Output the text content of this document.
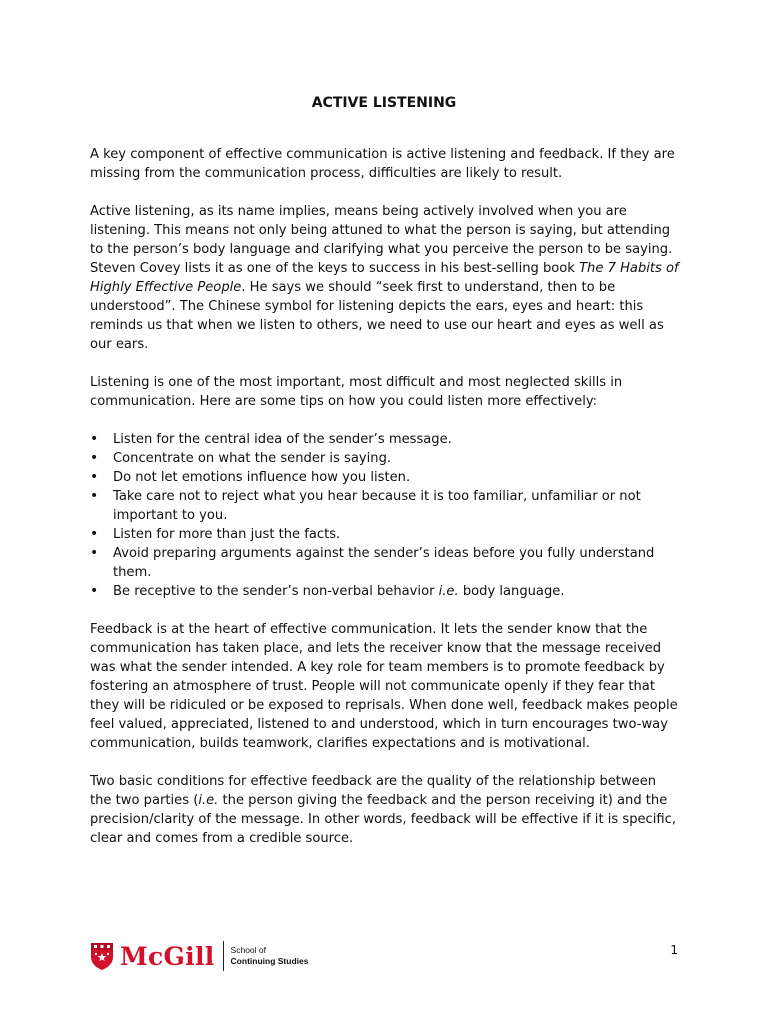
ACTIVE LISTENING

A key component of effective communication is active listening and feedback. If they are missing from the communication process, difficulties are likely to result.

Active listening, as its name implies, means being actively involved when you are listening. This means not only being attuned to what the person is saying, but attending to the person’s body language and clarifying what you perceive the person to be saying. Steven Covey lists it as one of the keys to success in his best-selling book The 7 Habits of Highly Effective People. He says we should “seek first to understand, then to be understood”. The Chinese symbol for listening depicts the ears, eyes and heart: this reminds us that when we listen to others, we need to use our heart and eyes as well as our ears.

Listening is one of the most important, most difficult and most neglected skills in communication. Here are some tips on how you could listen more effectively:

• Listen for the central idea of the sender’s message.
• Concentrate on what the sender is saying.
• Do not let emotions influence how you listen.
• Take care not to reject what you hear because it is too familiar, unfamiliar or not important to you.
• Listen for more than just the facts.
• Avoid preparing arguments against the sender’s ideas before you fully understand them.
• Be receptive to the sender’s non-verbal behavior i.e. body language.

Feedback is at the heart of effective communication. It lets the sender know that the communication has taken place, and lets the receiver know that the message received was what the sender intended. A key role for team members is to promote feedback by fostering an atmosphere of trust. People will not communicate openly if they fear that they will be ridiculed or be exposed to reprisals. When done well, feedback makes people feel valued, appreciated, listened to and understood, which in turn encourages two-way communication, builds teamwork, clarifies expectations and is motivational.

Two basic conditions for effective feedback are the quality of the relationship between the two parties (i.e. the person giving the feedback and the person receiving it) and the precision/clarity of the message. In other words, feedback will be effective if it is specific, clear and comes from a credible source.

McGill School of
Continuing Studies
1
